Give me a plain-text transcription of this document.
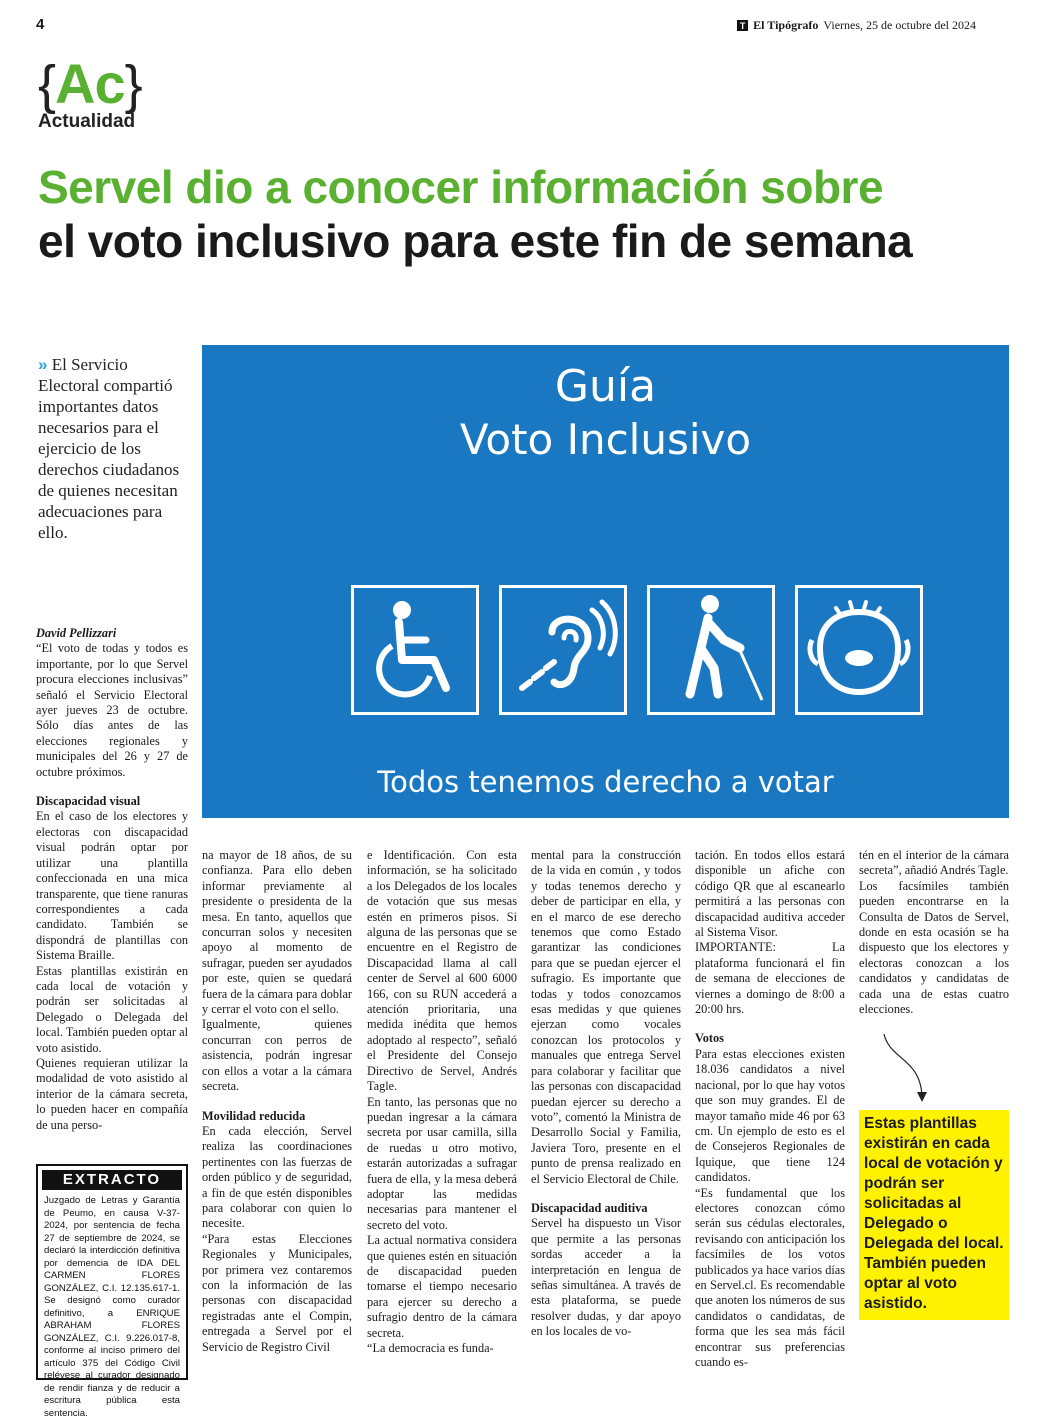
4	T El Tipógrafo Viernes, 25 de octubre del 2024
{Ac}
Actualidad
Servel dio a conocer información sobre
el voto inclusivo para este fin de semana
» El Servicio Electoral compartió importantes datos necesarios para el ejercicio de los derechos ciudadanos de quienes necesitan adecuaciones para ello.
Guía
Voto Inclusivo
Todos tenemos derecho a votar

David Pellizzari

“El voto de todas y todos es importante, por lo que Servel procura elecciones inclusivas” señaló el Servicio Electoral ayer jueves 23 de octubre. Sólo días antes de las elecciones regionales y municipales del 26 y 27 de octubre próximos.

Discapacidad visual

En el caso de los electores y electoras con discapacidad visual podrán optar por utilizar una plantilla confeccionada en una mica transparente, que tiene ranuras correspondientes a cada candidato. También se dispondrá de plantillas con Sistema Braille.

Estas plantillas existirán en cada local de votación y podrán ser solicitadas al Delegado o Delegada del local. También pueden optar al voto asistido.

Quienes requieran utilizar la modalidad de voto asistido al interior de la cámara secreta, lo pueden hacer en compañía de una perso-

na mayor de 18 años, de su confianza. Para ello deben informar previamente al presidente o presidenta de la mesa. En tanto, aquellos que concurran solos y necesiten apoyo al momento de sufragar, pueden ser ayudados por este, quien se quedará fuera de la cámara para doblar y cerrar el voto con el sello.

Igualmente, quienes concurran con perros de asistencia, podrán ingresar con ellos a votar a la cámara secreta.

Movilidad reducida

En cada elección, Servel realiza las coordinaciones pertinentes con las fuerzas de orden público y de seguridad, a fin de que estén disponibles para colaborar con quien lo necesite.

“Para estas Elecciones Regionales y Municipales, por primera vez contaremos con la información de las personas con discapacidad registradas ante el Compin, entregada a Servel por el Servicio de Registro Civil

e Identificación. Con esta información, se ha solicitado a los Delegados de los locales de votación que sus mesas estén en primeros pisos. Si alguna de las personas que se encuentre en el Registro de Discapacidad llama al call center de Servel al 600 6000 166, con su RUN accederá a atención prioritaria, una medida inédita que hemos adoptado al respecto”, señaló el Presidente del Consejo Directivo de Servel, Andrés Tagle.

En tanto, las personas que no puedan ingresar a la cámara secreta por usar camilla, silla de ruedas u otro motivo, estarán autorizadas a sufragar fuera de ella, y la mesa deberá adoptar las medidas necesarias para mantener el secreto del voto.

La actual normativa considera que quienes estén en situación de discapacidad pueden tomarse el tiempo necesario para ejercer su derecho a sufragio dentro de la cámara secreta.

“La democracia es funda-

mental para la construcción de la vida en común , y todos y todas tenemos derecho y deber de participar en ella, y en el marco de ese derecho tenemos que como Estado garantizar las condiciones para que se puedan ejercer el sufragio. Es importante que todas y todos conozcamos esas medidas y que quienes ejerzan como vocales conozcan los protocolos y manuales que entrega Servel para colaborar y facilitar que las personas con discapacidad puedan ejercer su derecho a voto”, comentó la Ministra de Desarrollo Social y Familia, Javiera Toro, presente en el punto de prensa realizado en el Servicio Electoral de Chile.

Discapacidad auditiva

Servel ha dispuesto un Visor que permite a las personas sordas acceder a la interpretación en lengua de señas simultánea. A través de esta plataforma, se puede resolver dudas, y dar apoyo en los locales de vo-

tación. En todos ellos estará disponible un afiche con código QR que al escanearlo permitirá a las personas con discapacidad auditiva acceder al Sistema Visor.

IMPORTANTE: La plataforma funcionará el fin de semana de elecciones de viernes a domingo de 8:00 a 20:00 hrs.

Votos

Para estas elecciones existen 18.036 candidatos a nivel nacional, por lo que hay votos que son muy grandes. El de mayor tamaño mide 46 por 63 cm. Un ejemplo de esto es el de Consejeros Regionales de Iquique, que tiene 124 candidatos.

“Es fundamental que los electores conozcan cómo serán sus cédulas electorales, revisando con anticipación los facsímiles de los votos publicados ya hace varios días en Servel.cl. Es recomendable que anoten los números de sus candidatos o candidatas, de forma que les sea más fácil encontrar sus preferencias cuando es-

tén en el interior de la cámara secreta”, añadió Andrés Tagle.

Los facsímiles también pueden encontrarse en la Consulta de Datos de Servel, donde en esta ocasión se ha dispuesto que los electores y electoras conozcan a los candidatos y candidatas de cada una de estas cuatro elecciones.

Estas plantillas existirán en cada local de votación y podrán ser solicitadas al Delegado o Delegada del local. También pueden optar al voto asistido.
EXTRACTO
Juzgado de Letras y Garantía de Peumo, en causa V-37-2024, por sentencia de fecha 27 de septiembre de 2024, se declaró la interdicción definitiva por demencia de IDA DEL CARMEN FLORES GONZÁLEZ, C.I. 12.135.617-1. Se designó como curador definitivo, a ENRIQUE ABRAHAM FLORES GONZÁLEZ, C.I. 9.226.017-8, conforme al inciso primero del artículo 375 del Código Civil relévese al curador designado de rendir fianza y de reducir a escritura pública esta sentencia.
